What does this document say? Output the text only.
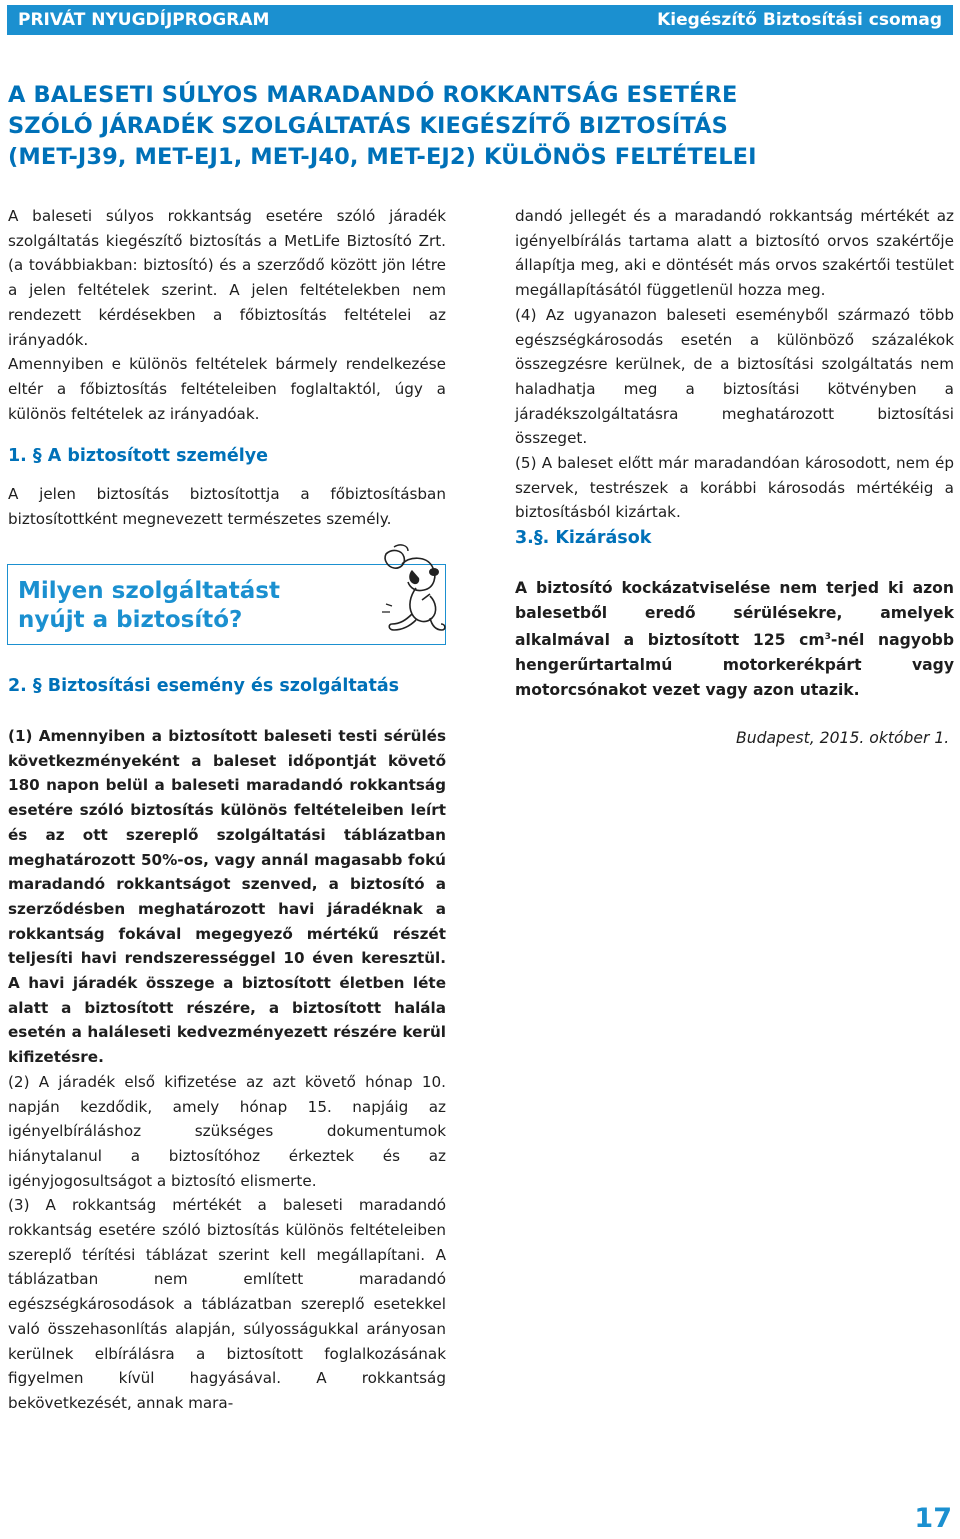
PRIVÁT NYUGDÍJPROGRAM	Kiegészítő Biztosítási csomag
A BALESETI SÚLYOS MARADANDÓ ROKKANTSÁG ESETÉRE
SZÓLÓ JÁRADÉK SZOLGÁLTATÁS KIEGÉSZÍTŐ BIZTOSÍTÁS
(MET-J39, MET-EJ1, MET-J40, MET-EJ2) KÜLÖNÖS FELTÉTELEI

A baleseti súlyos rokkantság esetére szóló járadék szolgáltatás kiegészítő biztosítás a MetLife Biztosító Zrt. (a továbbiakban: biztosító) és a szerződő között jön létre a jelen feltételek szerint. A jelen feltételekben nem rendezett kérdésekben a főbiztosítás feltételei az irányadók.

Amennyiben e különös feltételek bármely rendelkezése eltér a főbiztosítás feltételeiben foglaltaktól, úgy a különös feltételek az irányadóak.

1. § A biztosított személye

A jelen biztosítás biztosítottja a főbiztosításban biztosítottként megnevezett természetes személy.

Milyen szolgáltatást
nyújt a biztosító?
2. § Biztosítási esemény és szolgáltatás

(1) Amennyiben a biztosított baleseti testi sérülés következményeként a baleset időpontját követő 180 napon belül a baleseti maradandó rokkantság esetére szóló biztosítás különös feltételeiben leírt és az ott szereplő szolgáltatási táblázatban meghatározott 50%-os, vagy annál magasabb fokú maradandó rokkantságot szenved, a biztosító a szerződésben meghatározott havi járadéknak a rokkantság fokával megegyező mértékű részét teljesíti havi rendszerességgel 10 éven keresztül. A havi járadék összege a biztosított életben léte alatt a biztosított részére, a biztosított halála esetén a haláleseti kedvezményezett részére kerül kifizetésre.

(2) A járadék első kifizetése az azt követő hónap 10. napján kezdődik, amely hónap 15. napjáig az igényelbíráláshoz szükséges dokumentumok hiánytalanul a biztosítóhoz érkeztek és az igényjogosultságot a biztosító elismerte.

(3) A rokkantság mértékét a baleseti maradandó rokkantság esetére szóló biztosítás különös feltételeiben szereplő térítési táblázat szerint kell megállapítani. A táblázatban nem említett maradandó egészségkárosodások a táblázatban szereplő esetekkel való összehasonlítás alapján, súlyosságukkal arányosan kerülnek elbírálásra a biztosított foglalkozásának figyelmen kívül hagyásával. A rokkantság bekövetkezését, annak mara-

dandó jellegét és a maradandó rokkantság mértékét az igényelbírálás tartama alatt a biztosító orvos szakértője állapítja meg, aki e döntését más orvos szakértői testület megállapításától függetlenül hozza meg.

(4) Az ugyanazon baleseti eseményből származó több egészségkárosodás esetén a különböző százalékok összegzésre kerülnek, de a biztosítási szolgáltatás nem haladhatja meg a biztosítási kötvényben a járadékszolgáltatásra meghatározott biztosítási összeget.

(5) A baleset előtt már maradandóan károsodott, nem ép szervek, testrészek a korábbi károsodás mértékéig a biztosításból kizártak.

3.§. Kizárások

A biztosító kockázatviselése nem terjed ki azon balesetből eredő sérülésekre, amelyek alkalmával a biztosított 125 $cm^3$-nél nagyobb hengerűrtartalmú motorkerékpárt vagy motorcsónakot vezet vagy azon utazik.

Budapest, 2015. október 1.
17
